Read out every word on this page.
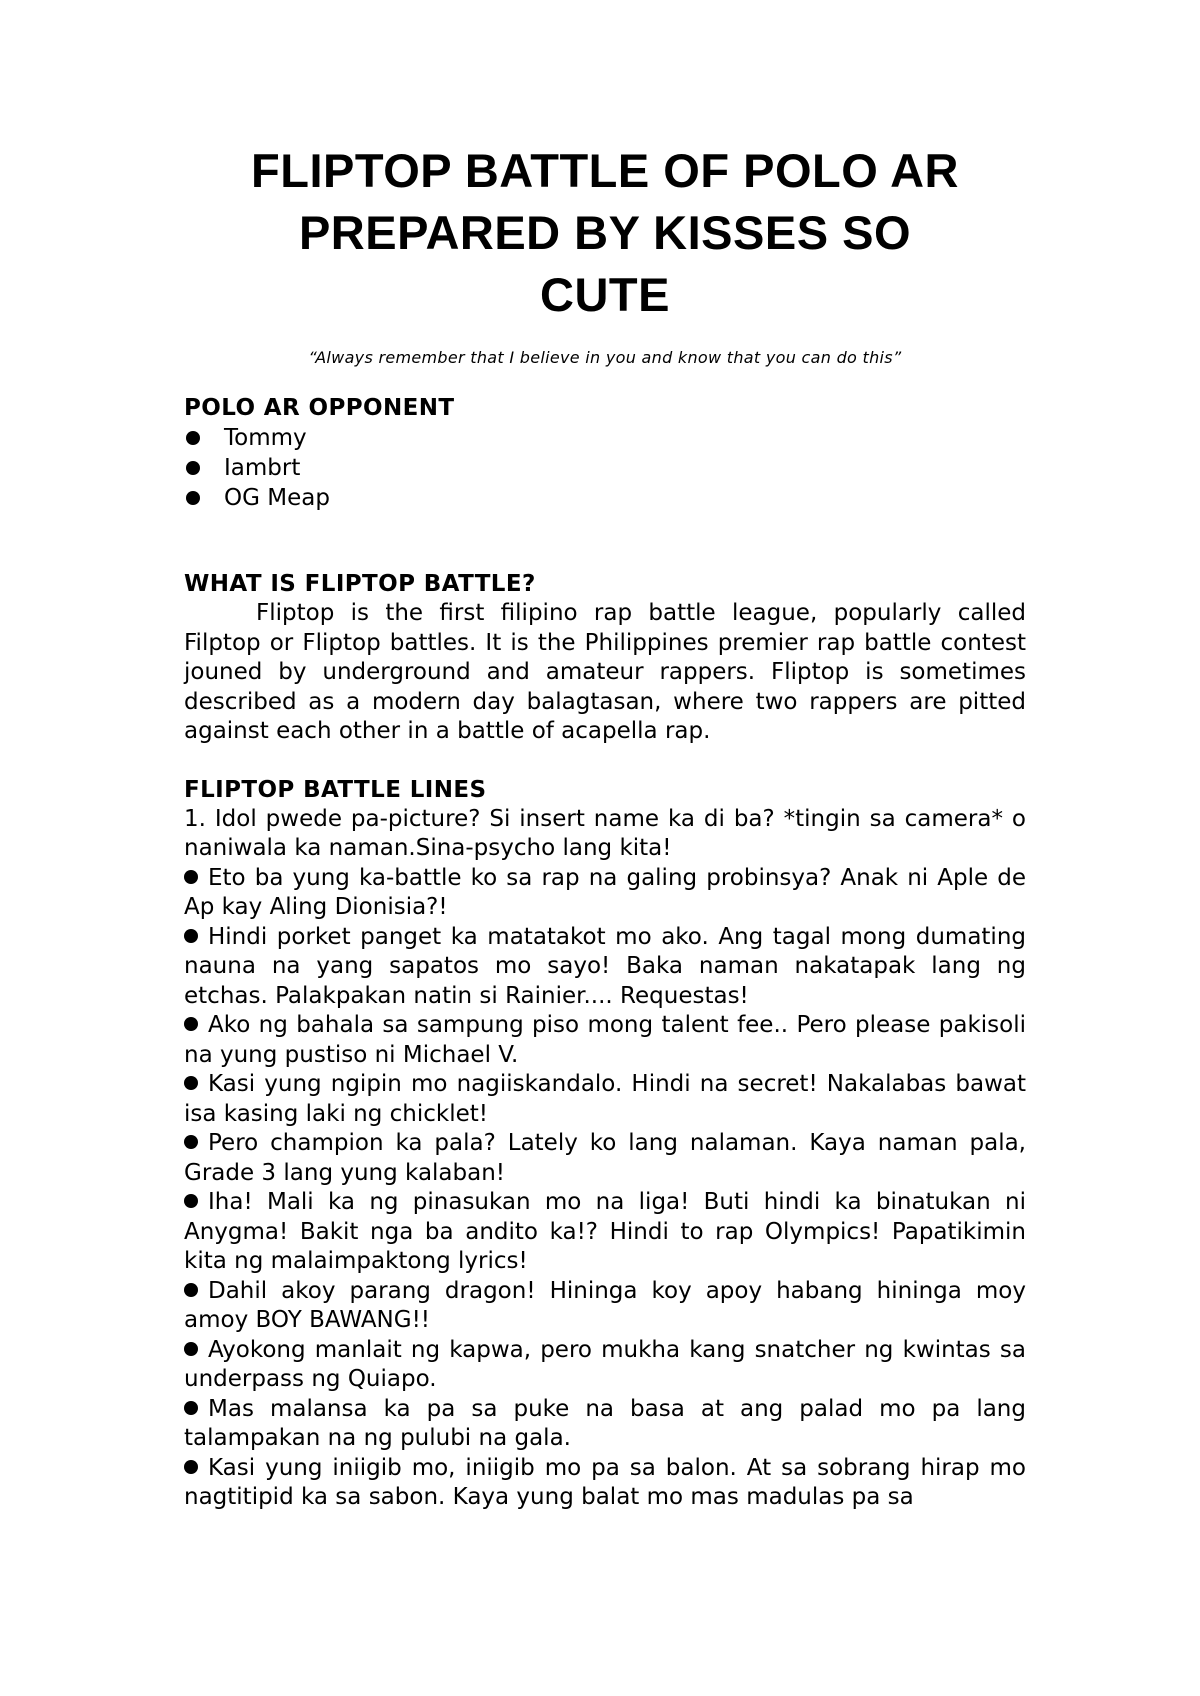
FLIPTOP BATTLE OF POLO AR
PREPARED BY KISSES SO
CUTE
“Always remember that I believe in you and know that you can do this”
POLO AR OPPONENT
Tommy
Iambrt
OG Meap
WHAT IS FLIPTOP BATTLE?

Fliptop is the first filipino rap battle league, popularly called Filptop or Fliptop battles. It is the Philippines premier rap battle contest jouned by underground and amateur rappers. Fliptop is sometimes described as a modern day balagtasan, where two rappers are pitted against each other in a battle of acapella rap.

FLIPTOP BATTLE LINES

1. Idol pwede pa-picture? Si insert name ka di ba? *tingin sa camera* o naniwala ka naman.Sina-psycho lang kita!

Eto ba yung ka-battle ko sa rap na galing probinsya? Anak ni Aple de Ap kay Aling Dionisia?!

Hindi porket panget ka matatakot mo ako. Ang tagal mong dumating nauna na yang sapatos mo sayo! Baka naman nakatapak lang ng etchas. Palakpakan natin si Rainier.... Requestas!

Ako ng bahala sa sampung piso mong talent fee.. Pero please pakisoli na yung pustiso ni Michael V.

Kasi yung ngipin mo nagiiskandalo. Hindi na secret! Nakalabas bawat isa kasing laki ng chicklet!

Pero champion ka pala? Lately ko lang nalaman. Kaya naman pala, Grade 3 lang yung kalaban!

Iha! Mali ka ng pinasukan mo na liga! Buti hindi ka binatukan ni Anygma! Bakit nga ba andito ka!? Hindi to rap Olympics! Papatikimin kita ng malaimpaktong lyrics!

Dahil akoy parang dragon! Hininga koy apoy habang hininga moy amoy BOY BAWANG!!

Ayokong manlait ng kapwa, pero mukha kang snatcher ng kwintas sa underpass ng Quiapo.

Mas malansa ka pa sa puke na basa at ang palad mo pa lang talampakan na ng pulubi na gala.

Kasi yung iniigib mo, iniigib mo pa sa balon. At sa sobrang hirap mo nagtitipid ka sa sabon. Kaya yung balat mo mas madulas pa sa
